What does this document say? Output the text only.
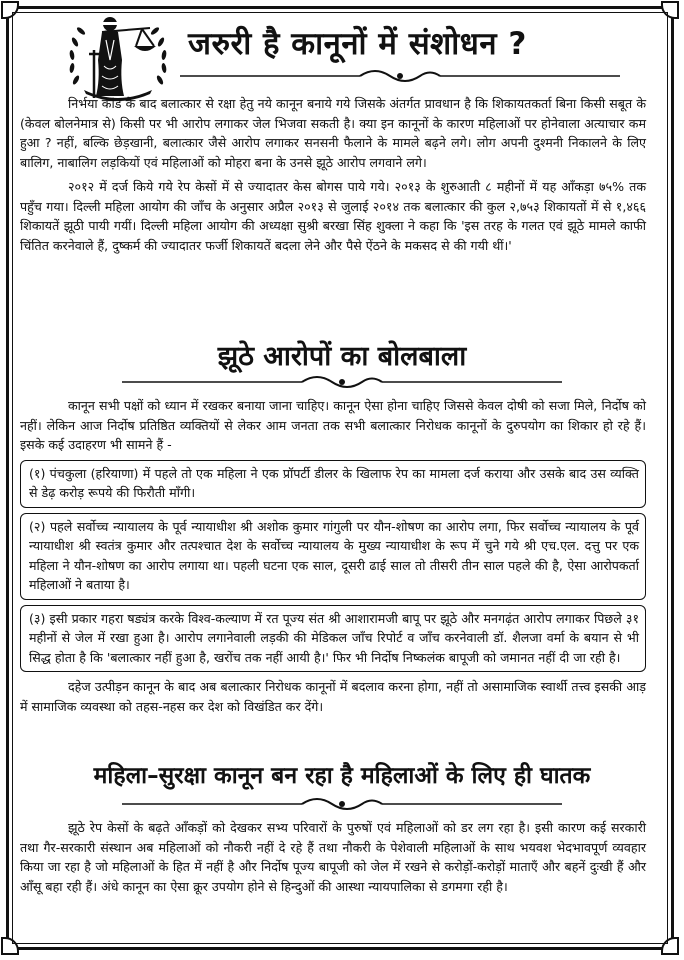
जरुरी है कानूनों में संशोधन ?

निर्भया कांड के बाद बलात्कार से रक्षा हेतु नये कानून बनाये गये जिसके अंतर्गत प्रावधान है कि शिकायतकर्ता बिना किसी सबूत के (केवल बोलनेमात्र से) किसी पर भी आरोप लगाकर जेल भिजवा सकती है। क्या इन कानूनों के कारण महिलाओं पर होनेवाला अत्याचार कम हुआ ? नहीं, बल्कि छेड़खानी, बलात्कार जैसे आरोप लगाकर सनसनी फैलाने के मामले बढ़ने लगे। लोग अपनी दुश्मनी निकालने के लिए बालिग, नाबालिग लड़कियों एवं महिलाओं को मोहरा बना के उनसे झूठे आरोप लगवाने लगे।

२०१२ में दर्ज किये गये रेप केसों में से ज्यादातर केस बोगस पाये गये। २०१३ के शुरुआती ८ महीनों में यह आँकड़ा ७५% तक पहुँच गया। दिल्ली महिला आयोग की जाँच के अनुसार अप्रैल २०१३ से जुलाई २०१४ तक बलात्कार की कुल २,७५३ शिकायतों में से १,४६६ शिकायतें झूठी पायी गयीं। दिल्ली महिला आयोग की अध्यक्षा सुश्री बरखा सिंह शुक्ला ने कहा कि 'इस तरह के गलत एवं झूठे मामले काफी चिंतित करनेवाले हैं, दुष्कर्म की ज्यादातर फर्जी शिकायतें बदला लेने और पैसे ऐंठने के मकसद से की गयी थीं।'

झूठे आरोपों का बोलबाला

कानून सभी पक्षों को ध्यान में रखकर बनाया जाना चाहिए। कानून ऐसा होना चाहिए जिससे केवल दोषी को सजा मिले, निर्दोष को नहीं। लेकिन आज निर्दोष प्रतिष्ठित व्यक्तियों से लेकर आम जनता तक सभी बलात्कार निरोधक कानूनों के दुरुपयोग का शिकार हो रहे हैं। इसके कई उदाहरण भी सामने हैं -

(१) पंचकुला (हरियाणा) में पहले तो एक महिला ने एक प्रॉपर्टी डीलर के खिलाफ रेप का मामला दर्ज कराया और उसके बाद उस व्यक्ति से डेढ़ करोड़ रूपये की फिरौती माँगी।
(२) पहले सर्वोच्च न्यायालय के पूर्व न्यायाधीश श्री अशोक कुमार गांगुली पर यौन-शोषण का आरोप लगा, फिर सर्वोच्च न्यायालय के पूर्व न्यायाधीश श्री स्वतंत्र कुमार और तत्पश्चात देश के सर्वोच्च न्यायालय के मुख्य न्यायाधीश के रूप में चुने गये श्री एच.एल. दत्तु पर एक महिला ने यौन-शोषण का आरोप लगाया था। पहली घटना एक साल, दूसरी ढाई साल तो तीसरी तीन साल पहले की है, ऐसा आरोपकर्ता महिलाओं ने बताया है।
(३) इसी प्रकार गहरा षड्यंत्र करके विश्व-कल्याण में रत पूज्य संत श्री आशारामजी बापू पर झूठे और मनगढ़ंत आरोप लगाकर पिछले ३१ महीनों से जेल में रखा हुआ है। आरोप लगानेवाली लड़की की मेडिकल जाँच रिपोर्ट व जाँच करनेवाली डॉ. शैलजा वर्मा के बयान से भी सिद्ध होता है कि 'बलात्कार नहीं हुआ है, खरोंच तक नहीं आयी है।' फिर भी निर्दोष निष्कलंक बापूजी को जमानत नहीं दी जा रही है।

दहेज उत्पीड़न कानून के बाद अब बलात्कार निरोधक कानूनों में बदलाव करना होगा, नहीं तो असामाजिक स्वार्थी तत्त्व इसकी आड़ में सामाजिक व्यवस्था को तहस-नहस कर देश को विखंडित कर देंगे।

महिला–सुरक्षा कानून बन रहा है महिलाओं के लिए ही घातक

झूठे रेप केसों के बढ़ते आँकड़ों को देखकर सभ्य परिवारों के पुरुषों एवं महिलाओं को डर लग रहा है। इसी कारण कई सरकारी तथा गैर-सरकारी संस्थान अब महिलाओं को नौकरी नहीं दे रहे हैं तथा नौकरी के पेशेवाली महिलाओं के साथ भयवश भेदभावपूर्ण व्यवहार किया जा रहा है जो महिलाओं के हित में नहीं है और निर्दोष पूज्य बापूजी को जेल में रखने से करोड़ों-करोड़ों माताएँ और बहनें दुःखी हैं और आँसू बहा रही हैं। अंधे कानून का ऐसा क्रूर उपयोग होने से हिन्दुओं की आस्था न्यायपालिका से डगमगा रही है।
